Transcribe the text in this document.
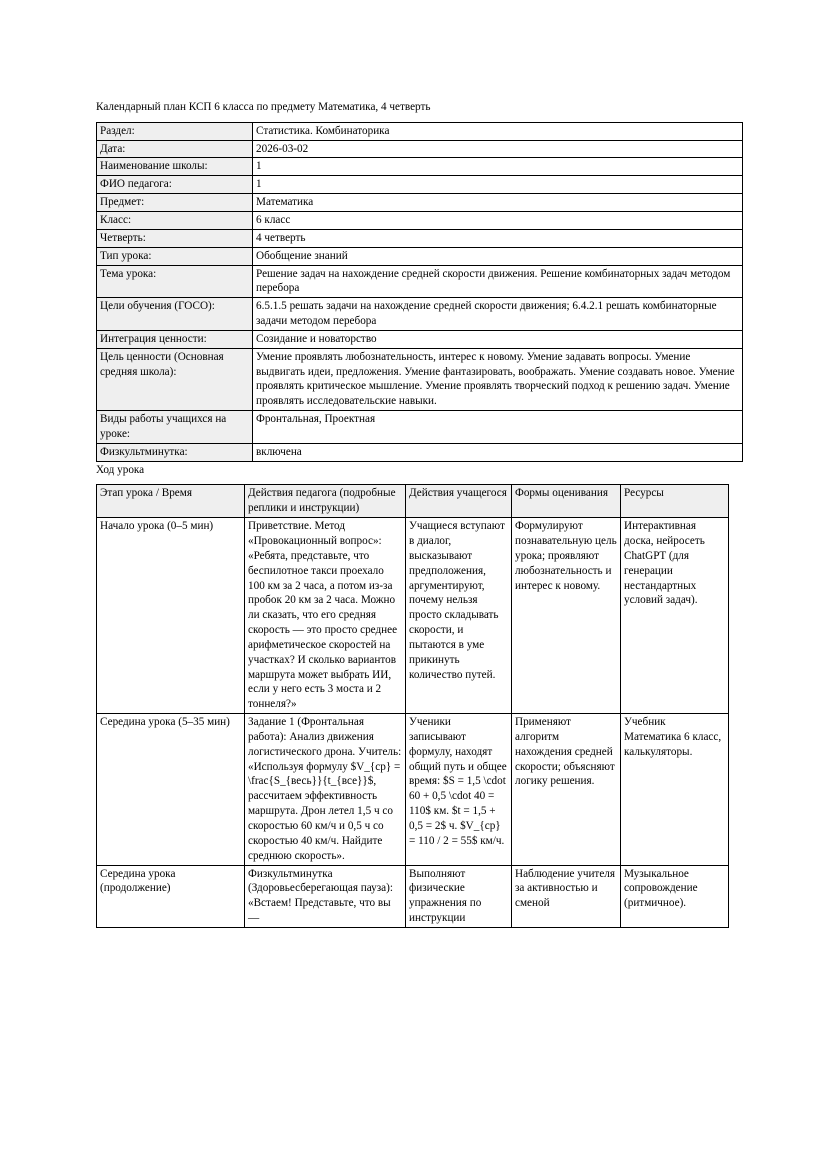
Календарный план КСП 6 класса по предмету Математика, 4 четверть

Раздел:	Статистика. Комбинаторика
Дата:	2026-03-02
Наименование школы:	1
ФИО педагога:	1
Предмет:	Математика
Класс:	6 класс
Четверть:	4 четверть
Тип урока:	Обобщение знаний
Тема урока:	Решение задач на нахождение средней скорости движения. Решение комбинаторных задач методом перебора
Цели обучения (ГОСО):	6.5.1.5 решать задачи на нахождение средней скорости движения; 6.4.2.1 решать комбинаторные задачи методом перебора
Интеграция ценности:	Созидание и новаторство
Цель ценности (Основная средняя школа):	Умение проявлять любознательность, интерес к новому. Умение задавать вопросы. Умение выдвигать идеи, предложения. Умение фантазировать, воображать. Умение создавать новое. Умение проявлять критическое мышление. Умение проявлять творческий подход к решению задач. Умение проявлять исследовательские навыки.
Виды работы учащихся на уроке:	Фронтальная, Проектная
Физкультминутка:	включена

Ход урока

Этап урока / Время	Действия педагога (подробные реплики и инструкции)	Действия учащегося	Формы оценивания	Ресурсы
Начало урока (0–5 мин)	Приветствие. Метод «Провокационный вопрос»: «Ребята, представьте, что беспилотное такси проехало 100 км за 2 часа, а потом из-за пробок 20 км за 2 часа. Можно ли сказать, что его средняя скорость — это просто среднее арифметическое скоростей на участках? И сколько вариантов маршрута может выбрать ИИ, если у него есть 3 моста и 2 тоннеля?»	Учащиеся вступают в диалог, высказывают предположения, аргументируют, почему нельзя просто складывать скорости, и пытаются в уме прикинуть количество путей.	Формулируют познавательную цель урока; проявляют любознательность и интерес к новому.	Интерактивная доска, нейросеть ChatGPT (для генерации нестандартных условий задач).
Середина урока (5–35 мин)	Задание 1 (Фронтальная работа): Анализ движения логистического дрона. Учитель: «Используя формулу $V_{ср} = \frac{S_{весь}}{t_{все}}$, рассчитаем эффективность маршрута. Дрон летел 1,5 ч со скоростью 60 км/ч и 0,5 ч со скоростью 40 км/ч. Найдите среднюю скорость».	Ученики записывают формулу, находят общий путь и общее время: $S = 1,5 \cdot 60 + 0,5 \cdot 40 = 110$ км. $t = 1,5 + 0,5 = 2$ ч. $V_{ср} = 110 / 2 = 55$ км/ч.	Применяют алгоритм нахождения средней скорости; объясняют логику решения.	Учебник Математика 6 класс, калькуляторы.
Середина урока (продолжение)	Физкультминутка (Здоровьесберегающая пауза): «Встаем! Представьте, что вы —	Выполняют физические упражнения по инструкции	Наблюдение учителя за активностью и сменой	Музыкальное сопровождение (ритмичное).
